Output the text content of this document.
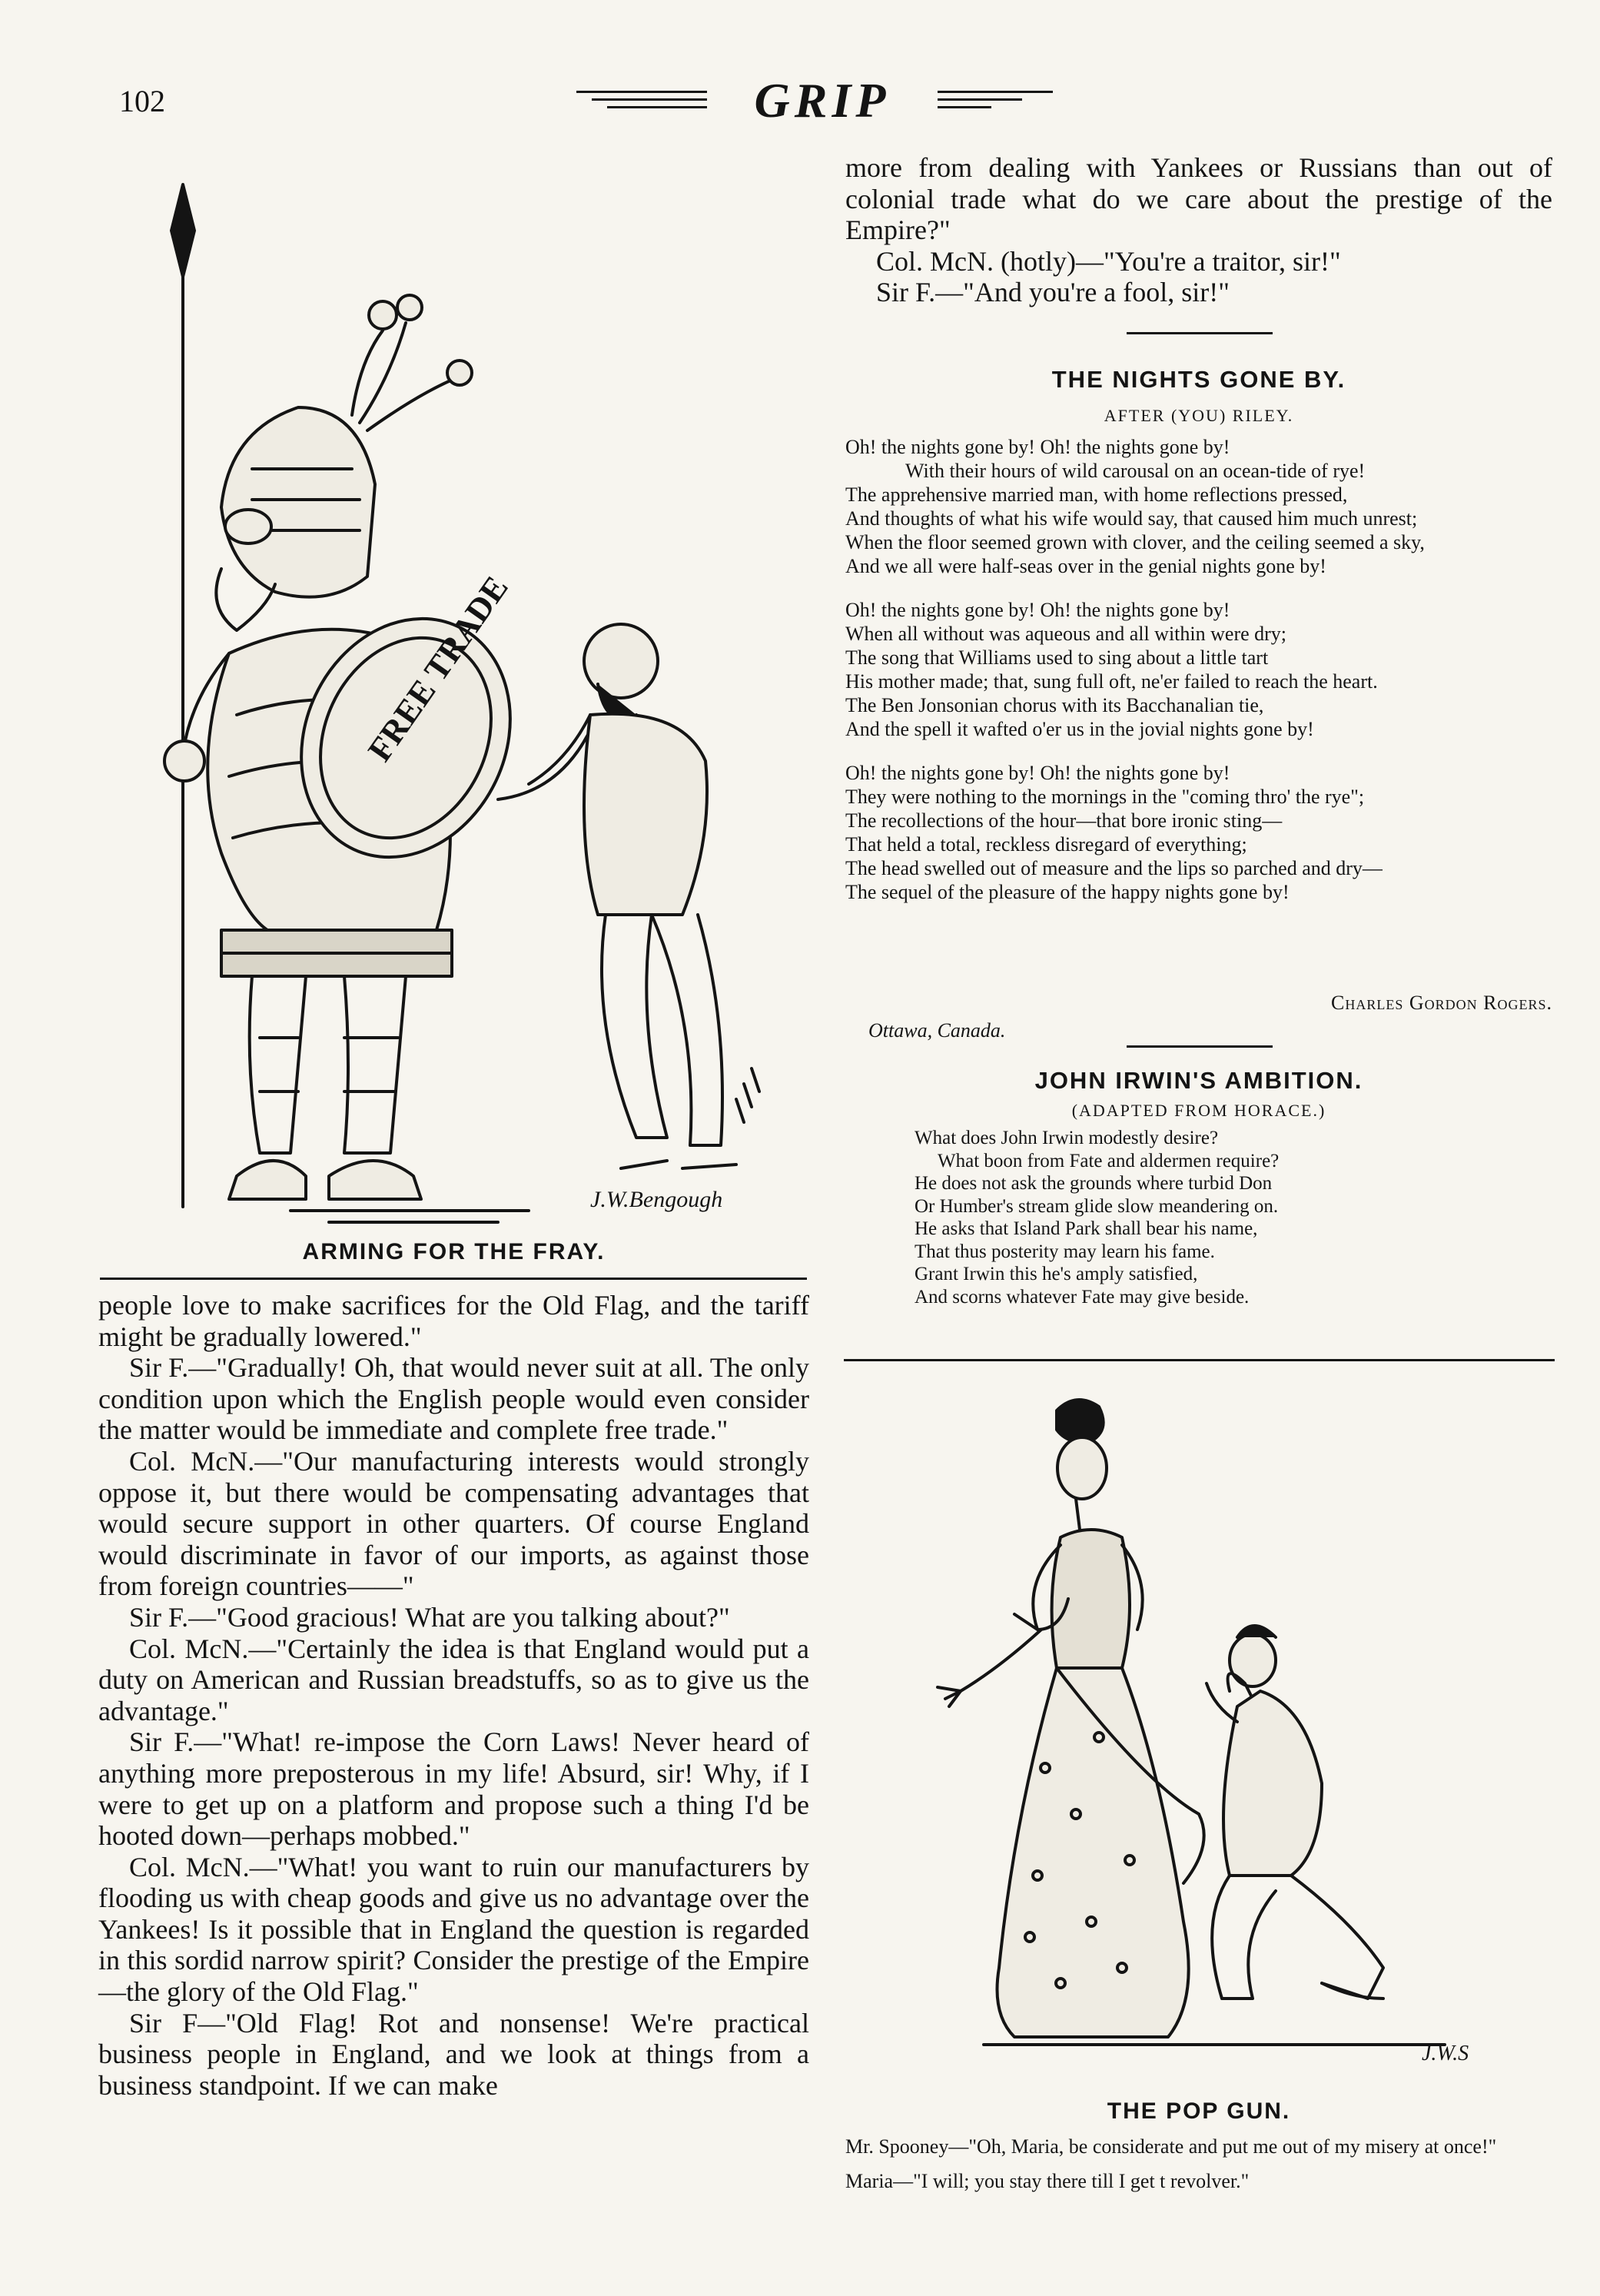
102	GRIP
FREE TRADE
J.W.Bengough
ARMING FOR THE FRAY.

people love to make sacrifices for the Old Flag, and the tariff might be gradually lowered."

Sir F.—"Gradually! Oh, that would never suit at all. The only condition upon which the English people would even consider the matter would be immediate and complete free trade."

Col. McN.—"Our manufacturing interests would strongly oppose it, but there would be compensating advantages that would secure support in other quarters. Of course England would discriminate in favor of our imports, as against those from foreign countries——"

Sir F.—"Good gracious! What are you talking about?"

Col. McN.—"Certainly the idea is that England would put a duty on American and Russian breadstuffs, so as to give us the advantage."

Sir F.—"What! re-impose the Corn Laws! Never heard of anything more preposterous in my life! Absurd, sir! Why, if I were to get up on a platform and propose such a thing I'd be hooted down—perhaps mobbed."

Col. McN.—"What! you want to ruin our manufacturers by flooding us with cheap goods and give us no advantage over the Yankees! Is it possible that in England the question is regarded in this sordid narrow spirit? Consider the prestige of the Empire—the glory of the Old Flag."

Sir F—"Old Flag! Rot and nonsense! We're practical business people in England, and we look at things from a business standpoint. If we can make

more from dealing with Yankees or Russians than out of colonial trade what do we care about the prestige of the Empire?"

Col. McN. (hotly)—"You're a traitor, sir!"

Sir F.—"And you're a fool, sir!"

THE NIGHTS GONE BY.
AFTER (YOU) RILEY.

Oh! the nights gone by! Oh! the nights gone by!

With their hours of wild carousal on an ocean-tide of rye!

The apprehensive married man, with home reflections pressed,

And thoughts of what his wife would say, that caused him much unrest;

When the floor seemed grown with clover, and the ceiling seemed a sky,

And we all were half-seas over in the genial nights gone by!

Oh! the nights gone by! Oh! the nights gone by!

When all without was aqueous and all within were dry;

The song that Williams used to sing about a little tart

His mother made; that, sung full oft, ne'er failed to reach the heart.

The Ben Jonsonian chorus with its Bacchanalian tie,

And the spell it wafted o'er us in the jovial nights gone by!

Oh! the nights gone by! Oh! the nights gone by!

They were nothing to the mornings in the "coming thro' the rye";

The recollections of the hour—that bore ironic sting—

That held a total, reckless disregard of everything;

The head swelled out of measure and the lips so parched and dry—

The sequel of the pleasure of the happy nights gone by!

Charles Gordon Rogers.
Ottawa, Canada.
JOHN IRWIN'S AMBITION.
(ADAPTED FROM HORACE.)

What does John Irwin modestly desire?

What boon from Fate and aldermen require?

He does not ask the grounds where turbid Don

Or Humber's stream glide slow meandering on.

He asks that Island Park shall bear his name,

That thus posterity may learn his fame.

Grant Irwin this he's amply satisfied,

And scorns whatever Fate may give beside.

J.W.S
THE POP GUN.

Mr. Spooney—"Oh, Maria, be considerate and put me out of my misery at once!"

Maria—"I will; you stay there till I get t revolver."
